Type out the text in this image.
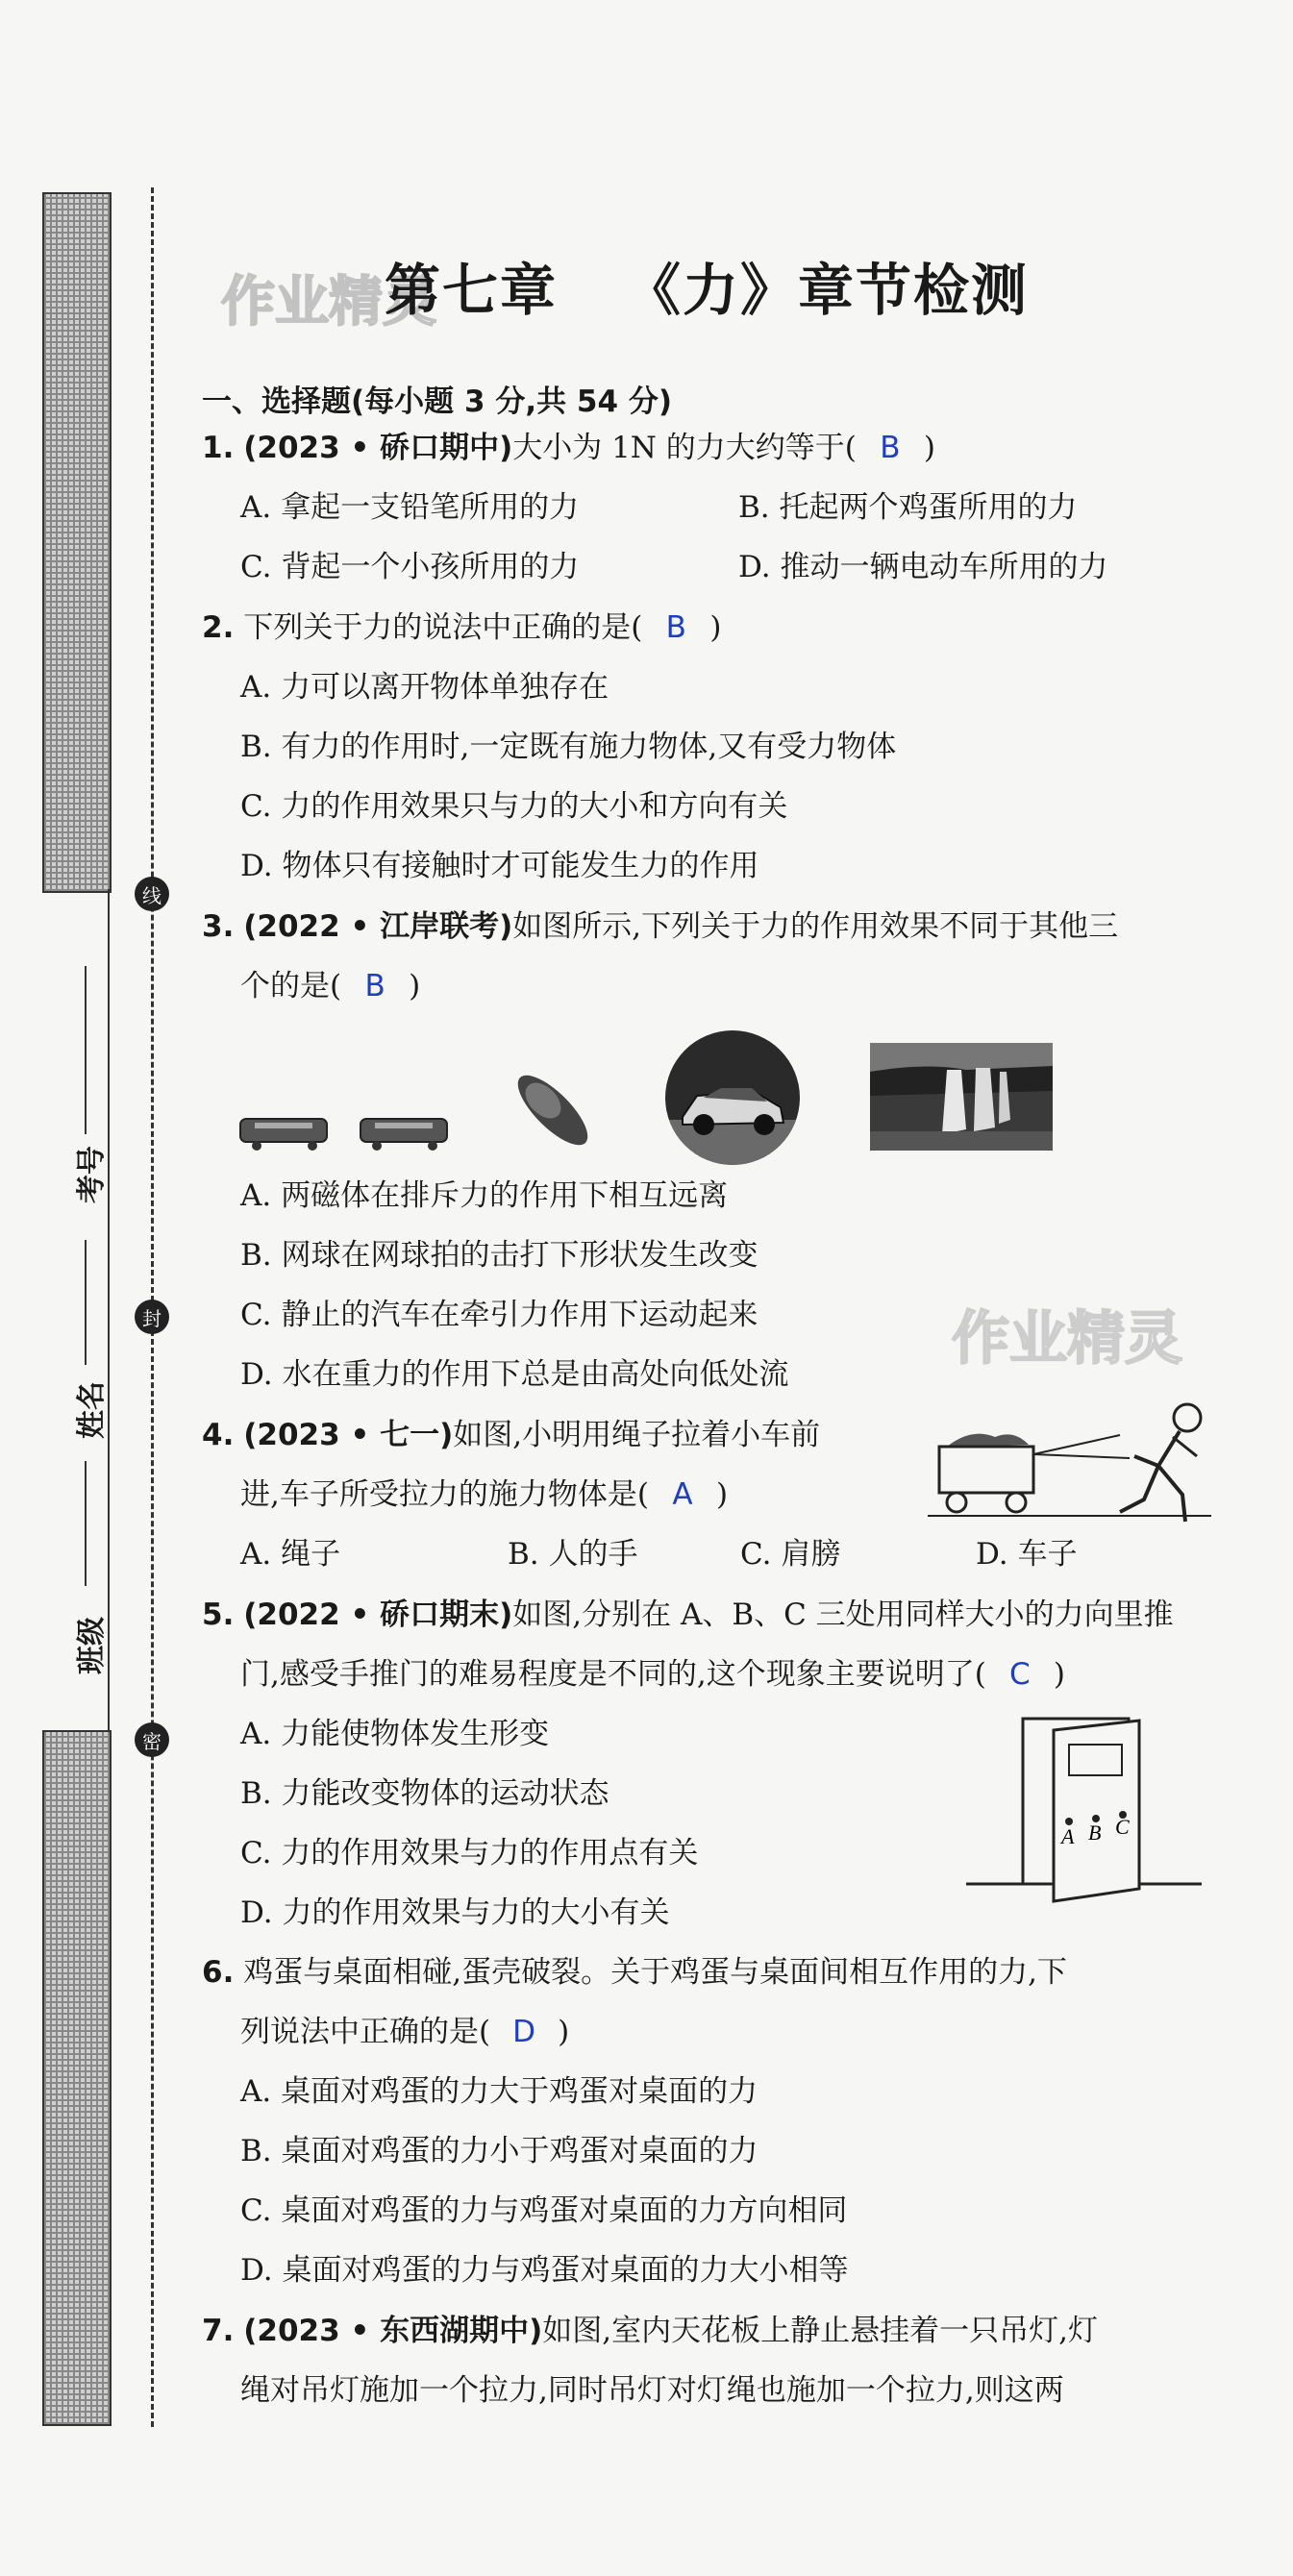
线
封
密
考号
姓名
班级
作业精灵
作业精灵
第七章 《力》章节检测
一、选择题(每小题 3 分,共 54 分)
1. (2023 • 硚口期中)大小为 1N 的力大约等于( B )
A. 拿起一支铅笔所用的力	B. 托起两个鸡蛋所用的力
C. 背起一个小孩所用的力	D. 推动一辆电动车所用的力
2. 下列关于力的说法中正确的是( B )
A. 力可以离开物体单独存在
B. 有力的作用时,一定既有施力物体,又有受力物体
C. 力的作用效果只与力的大小和方向有关
D. 物体只有接触时才可能发生力的作用
3. (2022 • 江岸联考)如图所示,下列关于力的作用效果不同于其他三
个的是( B )
A. 两磁体在排斥力的作用下相互远离
B. 网球在网球拍的击打下形状发生改变
C. 静止的汽车在牵引力作用下运动起来
D. 水在重力的作用下总是由高处向低处流
4. (2023 • 七一)如图,小明用绳子拉着小车前
进,车子所受拉力的施力物体是( A )
A. 绳子	B. 人的手	C. 肩膀	D. 车子
5. (2022 • 硚口期末)如图,分别在 A、B、C 三处用同样大小的力向里推
门,感受手推门的难易程度是不同的,这个现象主要说明了( C )
A. 力能使物体发生形变
B. 力能改变物体的运动状态
C. 力的作用效果与力的作用点有关
D. 力的作用效果与力的大小有关
A B C
6. 鸡蛋与桌面相碰,蛋壳破裂。关于鸡蛋与桌面间相互作用的力,下
列说法中正确的是( D )
A. 桌面对鸡蛋的力大于鸡蛋对桌面的力
B. 桌面对鸡蛋的力小于鸡蛋对桌面的力
C. 桌面对鸡蛋的力与鸡蛋对桌面的力方向相同
D. 桌面对鸡蛋的力与鸡蛋对桌面的力大小相等
7. (2023 • 东西湖期中)如图,室内天花板上静止悬挂着一只吊灯,灯
绳对吊灯施加一个拉力,同时吊灯对灯绳也施加一个拉力,则这两
